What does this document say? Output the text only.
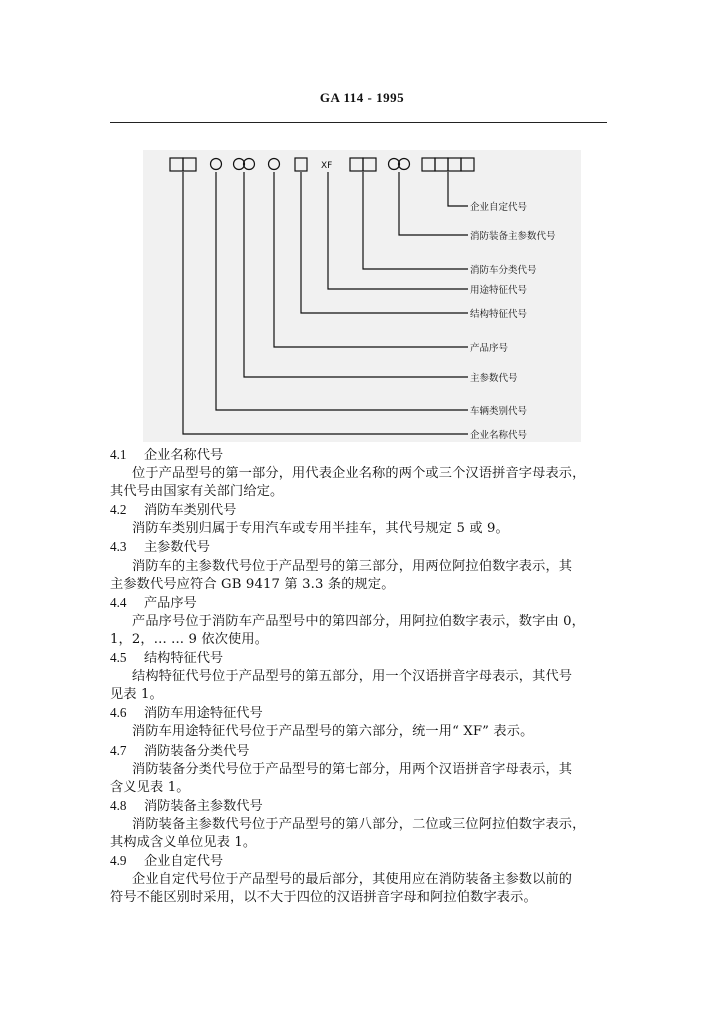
GA 114 - 1995
XF
企业自定代号
消防装备主参数代号
消防车分类代号
用途特征代号
结构特征代号
产品序号
主参数代号
车辆类别代号
企业名称代号

4.1 企业名称代号

位于产品型号的第一部分，用代表企业名称的两个或三个汉语拼音字母表示，
其代号由国家有关部门给定。

4.2 消防车类别代号

消防车类别归属于专用汽车或专用半挂车，其代号规定 5 或 9。

4.3 主参数代号

消防车的主参数代号位于产品型号的第三部分，用两位阿拉伯数字表示，其
主参数代号应符合 GB 9417 第 3.3 条的规定。

4.4 产品序号

产品序号位于消防车产品型号中的第四部分，用阿拉伯数字表示，数字由 0，
1，2，... ... 9 依次使用。

4.5 结构特征代号

结构特征代号位于产品型号的第五部分，用一个汉语拼音字母表示，其代号
见表 1。

4.6 消防车用途特征代号

消防车用途特征代号位于产品型号的第六部分，统一用“ XF” 表示。

4.7 消防装备分类代号

消防装备分类代号位于产品型号的第七部分，用两个汉语拼音字母表示，其
含义见表 1。

4.8 消防装备主参数代号

消防装备主参数代号位于产品型号的第八部分，二位或三位阿拉伯数字表示，
其构成含义单位见表 1。

4.9 企业自定代号

企业自定代号位于产品型号的最后部分，其使用应在消防装备主参数以前的
符号不能区别时采用，以不大于四位的汉语拼音字母和阿拉伯数字表示。
